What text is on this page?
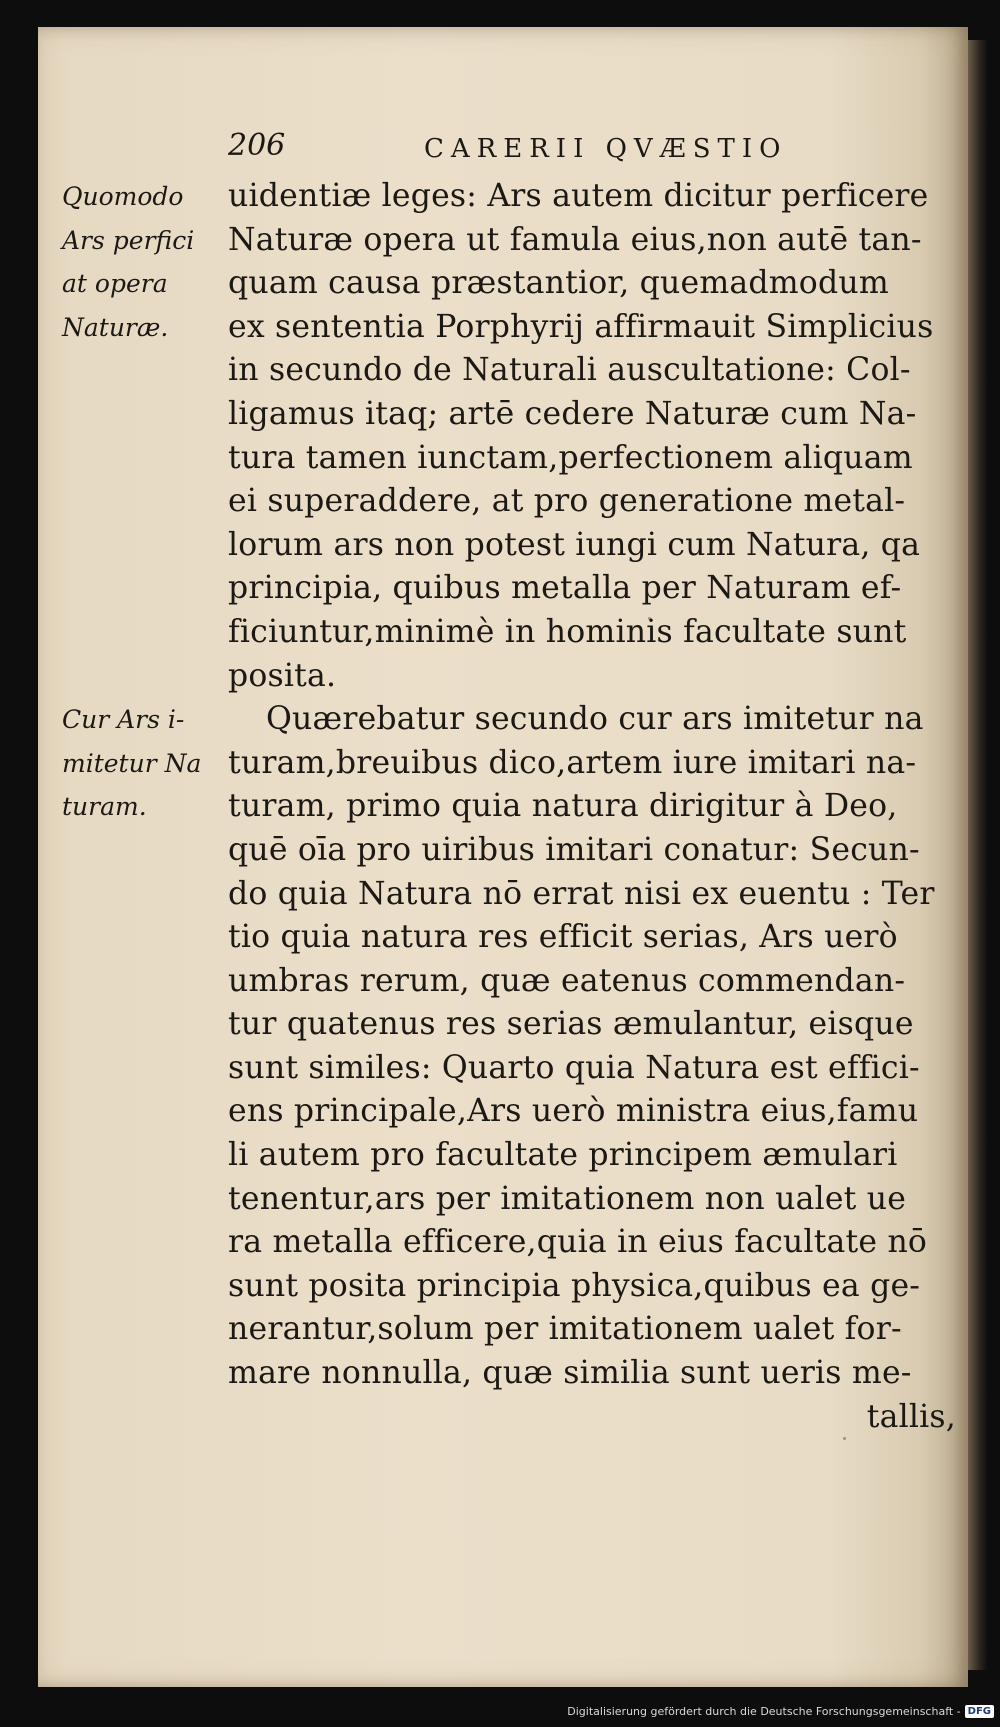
206	CARERII QVÆSTIO
Quomodo
Ars perfici
at opera
Naturæ.
Cur Ars i-
mitetur Na
turam.
uidentiæ leges: Ars autem dicitur perficere
Naturæ opera ut famula eius,non autē tan-
quam causa præstantior, quemadmodum
ex sententia Porphyrij affirmauit Simplicius
in secundo de Naturali auscultatione: Col-
ligamus itaq; artē cedere Naturæ cum Na-
tura tamen iunctam,perfectionem aliquam
ei superaddere, at pro generatione metal-
lorum ars non potest iungi cum Natura, qa
principia, quibus metalla per Naturam ef-
ficiuntur,minimè in hominis facultate sunt
posita.
Quærebatur secundo cur ars imitetur na
turam,breuibus dico,artem iure imitari na-
turam, primo quia natura dirigitur à Deo,
quē oīa pro uiribus imitari conatur: Secun-
do quia Natura nō errat nisi ex euentu : Ter
tio quia natura res efficit serias, Ars uerò
umbras rerum, quæ eatenus commendan-
tur quatenus res serias æmulantur, eisque
sunt similes: Quarto quia Natura est effici-
ens principale,Ars uerò ministra eius,famu
li autem pro facultate principem æmulari
tenentur,ars per imitationem non ualet ue
ra metalla efficere,quia in eius facultate nō
sunt posita principia physica,quibus ea ge-
nerantur,solum per imitationem ualet for-
mare nonnulla, quæ similia sunt ueris me-
tallis,
Digitalisierung gefördert durch die Deutsche Forschungsgemeinschaft - DFG
